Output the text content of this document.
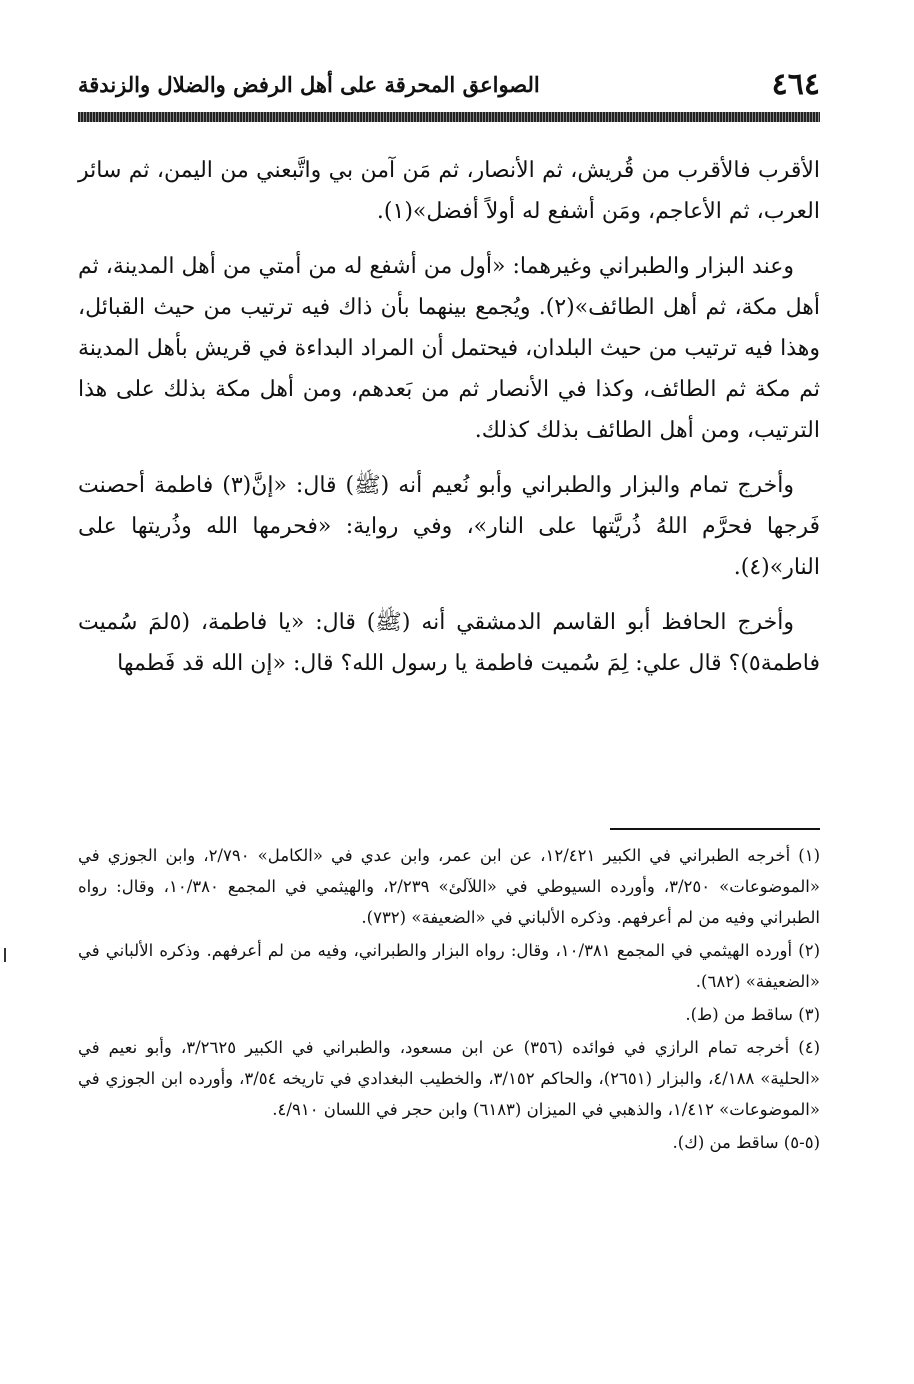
٤٦٤
الصواعق المحرقة على أهل الرفض والضلال والزندقة

الأقرب فالأقرب من قُريش، ثم الأنصار، ثم مَن آمن بي واتَّبعني من اليمن، ثم سائر العرب، ثم الأعاجم، ومَن أشفع له أولاً أفضل»(١).

وعند البزار والطبراني وغيرهما: «أول من أشفع له من أمتي من أهل المدينة، ثم أهل مكة، ثم أهل الطائف»(٢). ويُجمع بينهما بأن ذاك فيه ترتيب من حيث القبائل، وهذا فيه ترتيب من حيث البلدان، فيحتمل أن المراد البداءة في قريش بأهل المدينة ثم مكة ثم الطائف، وكذا في الأنصار ثم من بَعدهم، ومن أهل مكة بذلك على هذا الترتيب، ومن أهل الطائف بذلك كذلك.

وأخرج تمام والبزار والطبراني وأبو نُعيم أنه (ﷺ) قال: «إنَّ(٣) فاطمة أحصنت فَرجها فحرَّم اللهُ ذُريَّتها على النار»، وفي رواية: «فحرمها الله وذُريتها على النار»(٤).

وأخرج الحافظ أبو القاسم الدمشقي أنه (ﷺ) قال: «يا فاطمة، (٥لمَ سُميت فاطمة٥)؟ قال علي: لِمَ سُميت فاطمة يا رسول الله؟ قال: «إن الله قد فَطمها

(١) أخرجه الطبراني في الكبير ١٢/٤٢١، عن ابن عمر، وابن عدي في «الكامل» ٢/٧٩٠، وابن الجوزي في «الموضوعات» ٣/٢٥٠، وأورده السيوطي في «اللآلئ» ٢/٢٣٩، والهيثمي في المجمع ١٠/٣٨٠، وقال: رواه الطبراني وفيه من لم أعرفهم. وذكره الألباني في «الضعيفة» (٧٣٢).

(٢) أورده الهيثمي في المجمع ١٠/٣٨١، وقال: رواه البزار والطبراني، وفيه من لم أعرفهم. وذكره الألباني في «الضعيفة» (٦٨٢).

(٣) ساقط من (ط).

(٤) أخرجه تمام الرازي في فوائده (٣٥٦) عن ابن مسعود، والطبراني في الكبير ٣/٢٦٢٥، وأبو نعيم في «الحلية» ٤/١٨٨، والبزار (٢٦٥١)، والحاكم ٣/١٥٢، والخطيب البغدادي في تاريخه ٣/٥٤، وأورده ابن الجوزي في «الموضوعات» ١/٤١٢، والذهبي في الميزان (٦١٨٣) وابن حجر في اللسان ٤/٩١٠.

(٥-٥) ساقط من (ك).
